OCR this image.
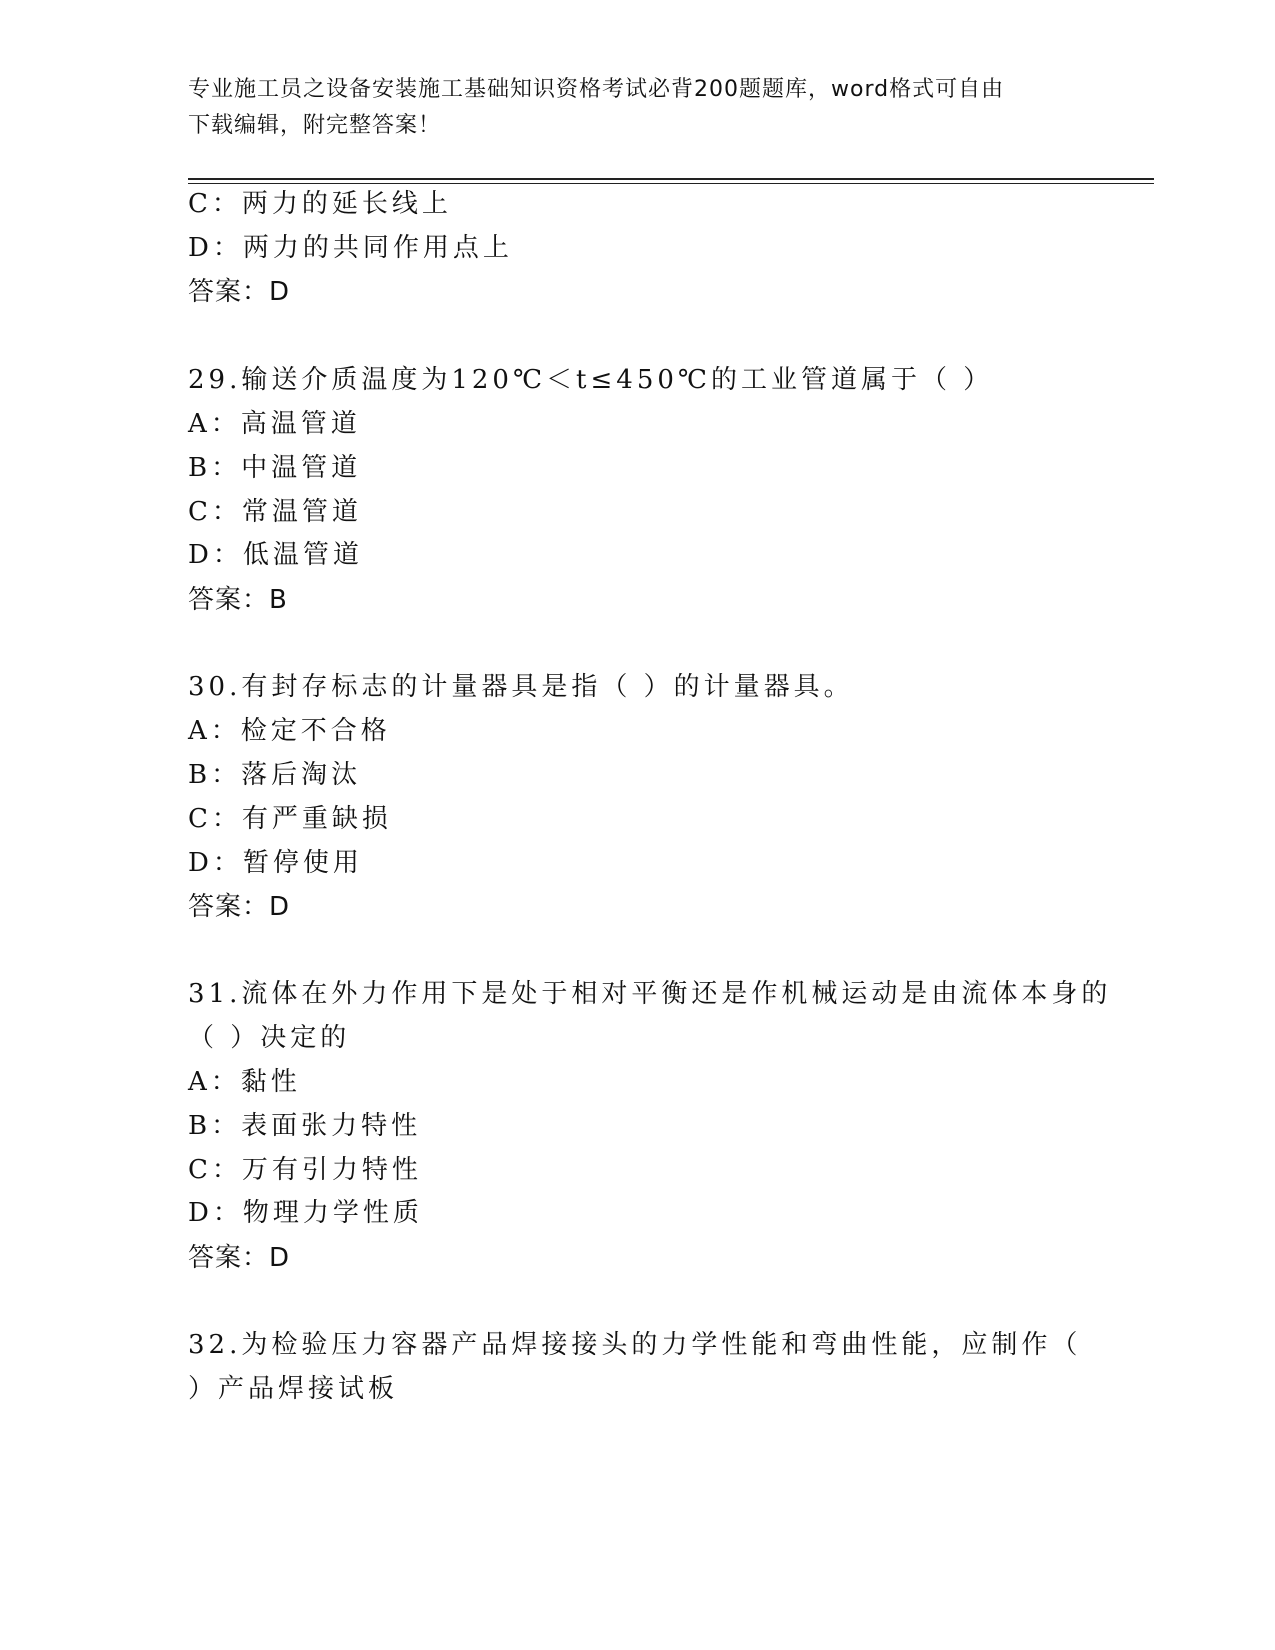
专业施工员之设备安装施工基础知识资格考试必背200题题库，word格式可自由
下载编辑，附完整答案！
C：两力的延长线上
D：两力的共同作用点上
答案：D
29.输送介质温度为120℃＜t≤450℃的工业管道属于（ ）
A：高温管道
B：中温管道
C：常温管道
D：低温管道
答案：B
30.有封存标志的计量器具是指（ ）的计量器具。
A：检定不合格
B：落后淘汰
C：有严重缺损
D：暂停使用
答案：D
31.流体在外力作用下是处于相对平衡还是作机械运动是由流体本身的
（ ）决定的
A：黏性
B：表面张力特性
C：万有引力特性
D：物理力学性质
答案：D
32.为检验压力容器产品焊接接头的力学性能和弯曲性能，应制作（
）产品焊接试板
